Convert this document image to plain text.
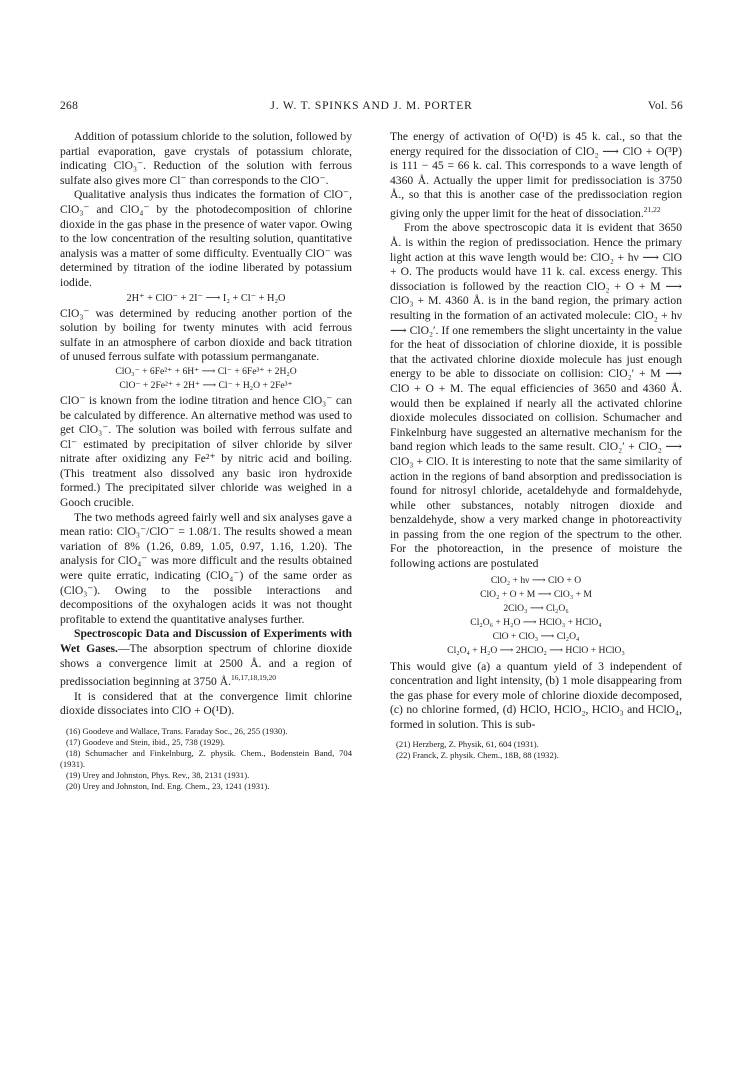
268	J. W. T. SPINKS AND J. M. PORTER	Vol. 56

Addition of potassium chloride to the solution, followed by partial evaporation, gave crystals of potassium chlorate, indicating ClO₃⁻. Reduction of the solution with ferrous sulfate also gives more Cl⁻ than corresponds to the ClO⁻.

Qualitative analysis thus indicates the formation of ClO⁻, ClO₃⁻ and ClO₄⁻ by the photodecomposition of chlorine dioxide in the gas phase in the presence of water vapor. Owing to the low concentration of the resulting solution, quantitative analysis was a matter of some difficulty. Eventually ClO⁻ was determined by titration of the iodine liberated by potassium iodide.

2H⁺ + ClO⁻ + 2I⁻ ⟶ I₂ + Cl⁻ + H₂O

ClO₃⁻ was determined by reducing another portion of the solution by boiling for twenty minutes with acid ferrous sulfate in an atmosphere of carbon dioxide and back titration of unused ferrous sulfate with potassium permanganate.

ClO₃⁻ + 6Fe²⁺ + 6H⁺ ⟶ Cl⁻ + 6Fe³⁺ + 2H₂O
ClO⁻ + 2Fe²⁺ + 2H⁺ ⟶ Cl⁻ + H₂O + 2Fe³⁺

ClO⁻ is known from the iodine titration and hence ClO₃⁻ can be calculated by difference. An alternative method was used to get ClO₃⁻. The solution was boiled with ferrous sulfate and Cl⁻ estimated by precipitation of silver chloride by silver nitrate after oxidizing any Fe²⁺ by nitric acid and boiling. (This treatment also dissolved any basic iron hydroxide formed.) The precipitated silver chloride was weighed in a Gooch crucible.

The two methods agreed fairly well and six analyses gave a mean ratio: ClO₃⁻/ClO⁻ = 1.08/1. The results showed a mean variation of 8% (1.26, 0.89, 1.05, 0.97, 1.16, 1.20). The analysis for ClO₄⁻ was more difficult and the results obtained were quite erratic, indicating (ClO₄⁻) of the same order as (ClO₃⁻). Owing to the possible interactions and decompositions of the oxyhalogen acids it was not thought profitable to extend the quantitative analyses further.

Spectroscopic Data and Discussion of Experiments with Wet Gases.—The absorption spectrum of chlorine dioxide shows a convergence limit at 2500 Å. and a region of predissociation beginning at 3750 Å.$^{16,17,18,19,20}$

It is considered that at the convergence limit chlorine dioxide dissociates into ClO + O(¹D).

(16) Goodeve and Wallace, Trans. Faraday Soc., 26, 255 (1930).

(17) Goodeve and Stein, ibid., 25, 738 (1929).

(18) Schumacher and Finkelnburg, Z. physik. Chem., Bodenstein Band, 704 (1931).

(19) Urey and Johnston, Phys. Rev., 38, 2131 (1931).

(20) Urey and Johnston, Ind. Eng. Chem., 23, 1241 (1931).

The energy of activation of O(¹D) is 45 k. cal., so that the energy required for the dissociation of ClO₂ ⟶ ClO + O(³P) is 111 − 45 = 66 k. cal. This corresponds to a wave length of 4360 Å. Actually the upper limit for predissociation is 3750 Å., so that this is another case of the predissociation region giving only the upper limit for the heat of dissociation.$^{21,22}$

From the above spectroscopic data it is evident that 3650 Å. is within the region of predissociation. Hence the primary light action at this wave length would be: ClO₂ + hν ⟶ ClO + O. The products would have 11 k. cal. excess energy. This dissociation is followed by the reaction ClO₂ + O + M ⟶ ClO₃ + M. 4360 Å. is in the band region, the primary action resulting in the formation of an activated molecule: ClO₂ + hν ⟶ ClO₂′. If one remembers the slight uncertainty in the value for the heat of dissociation of chlorine dioxide, it is possible that the activated chlorine dioxide molecule has just enough energy to be able to dissociate on collision: ClO₂′ + M ⟶ ClO + O + M. The equal efficiencies of 3650 and 4360 Å. would then be explained if nearly all the activated chlorine dioxide molecules dissociated on collision. Schumacher and Finkelnburg have suggested an alternative mechanism for the band region which leads to the same result. ClO₂′ + ClO₂ ⟶ ClO₃ + ClO. It is interesting to note that the same similarity of action in the regions of band absorption and predissociation is found for nitrosyl chloride, acetaldehyde and formaldehyde, while other substances, notably nitrogen dioxide and benzaldehyde, show a very marked change in photoreactivity in passing from the one region of the spectrum to the other. For the photoreaction, in the presence of moisture the following actions are postulated

ClO₂ + hν ⟶ ClO + O
ClO₂ + O + M ⟶ ClO₃ + M
2ClO₃ ⟶ Cl₂O₆
Cl₂O₆ + H₂O ⟶ HClO₃ + HClO₄
ClO + ClO₃ ⟶ Cl₂O₄
Cl₂O₄ + H₂O ⟶ 2HClO₂ ⟶ HClO + HClO₃

This would give (a) a quantum yield of 3 independent of concentration and light intensity, (b) 1 mole disappearing from the gas phase for every mole of chlorine dioxide decomposed, (c) no chlorine formed, (d) HClO, HClO₂, HClO₃ and HClO₄, formed in solution. This is sub-

(21) Herzberg, Z. Physik, 61, 604 (1931).

(22) Franck, Z. physik. Chem., 18B, 88 (1932).
